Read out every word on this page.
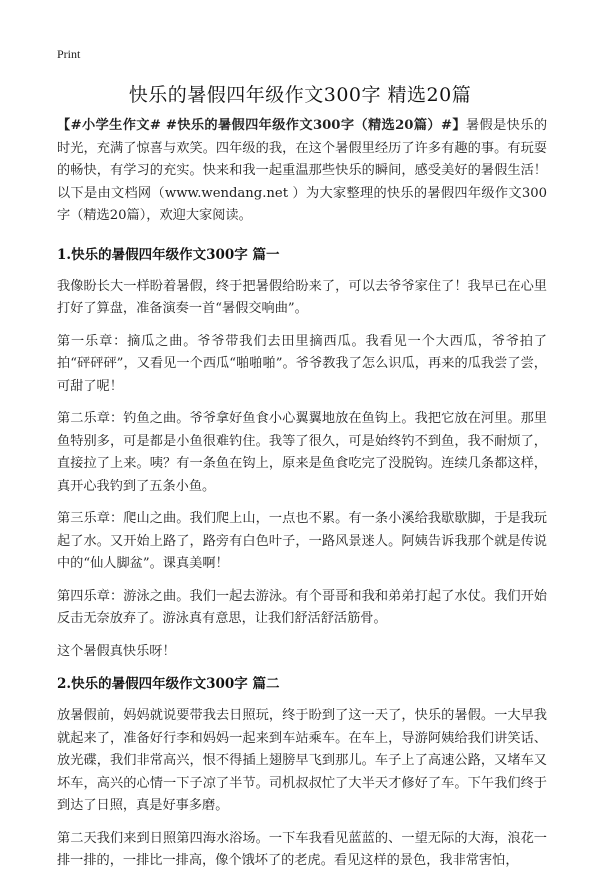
Print
快乐的暑假四年级作文300字 精选20篇

【#小学生作文# #快乐的暑假四年级作文300字（精选20篇）#】暑假是快乐的时光，充满了惊喜与欢笑。四年级的我，在这个暑假里经历了许多有趣的事。有玩耍的畅快，有学习的充实。快来和我一起重温那些快乐的瞬间，感受美好的暑假生活！以下是由文档网（www.wendang.net ）为大家整理的快乐的暑假四年级作文300字（精选20篇），欢迎大家阅读。

1.快乐的暑假四年级作文300字 篇一

我像盼长大一样盼着暑假，终于把暑假给盼来了，可以去爷爷家住了！我早已在心里打好了算盘，准备演奏一首“暑假交响曲”。

第一乐章：摘瓜之曲。爷爷带我们去田里摘西瓜。我看见一个大西瓜，爷爷拍了拍“砰砰砰”，又看见一个西瓜“啪啪啪”。爷爷教我了怎么识瓜，再来的瓜我尝了尝，可甜了呢！

第二乐章：钓鱼之曲。爷爷拿好鱼食小心翼翼地放在鱼钩上。我把它放在河里。那里鱼特别多，可是都是小鱼很难钓住。我等了很久，可是始终钓不到鱼，我不耐烦了，直接拉了上来。咦？有一条鱼在钩上，原来是鱼食吃完了没脱钩。连续几条都这样，真开心我钓到了五条小鱼。

第三乐章：爬山之曲。我们爬上山，一点也不累。有一条小溪给我歇歇脚，于是我玩起了水。又开始上路了，路旁有白色叶子，一路风景迷人。阿姨告诉我那个就是传说中的“仙人脚盆”。课真美啊！

第四乐章：游泳之曲。我们一起去游泳。有个哥哥和我和弟弟打起了水仗。我们开始反击无奈放弃了。游泳真有意思，让我们舒活舒活筋骨。

这个暑假真快乐呀！

2.快乐的暑假四年级作文300字 篇二

放暑假前，妈妈就说要带我去日照玩，终于盼到了这一天了，快乐的暑假。一大早我就起来了，准备好行李和妈妈一起来到车站乘车。在车上，导游阿姨给我们讲笑话、放光碟，我们非常高兴，恨不得插上翅膀早飞到那儿。车子上了高速公路，又堵车又坏车，高兴的心情一下子凉了半节。司机叔叔忙了大半天才修好了车。下午我们终于到达了日照，真是好事多磨。

第二天我们来到日照第四海水浴场。一下车我看见蓝蓝的、一望无际的大海，浪花一排一排的，一排比一排高，像个饿坏了的老虎。看见这样的景色，我非常害怕，
